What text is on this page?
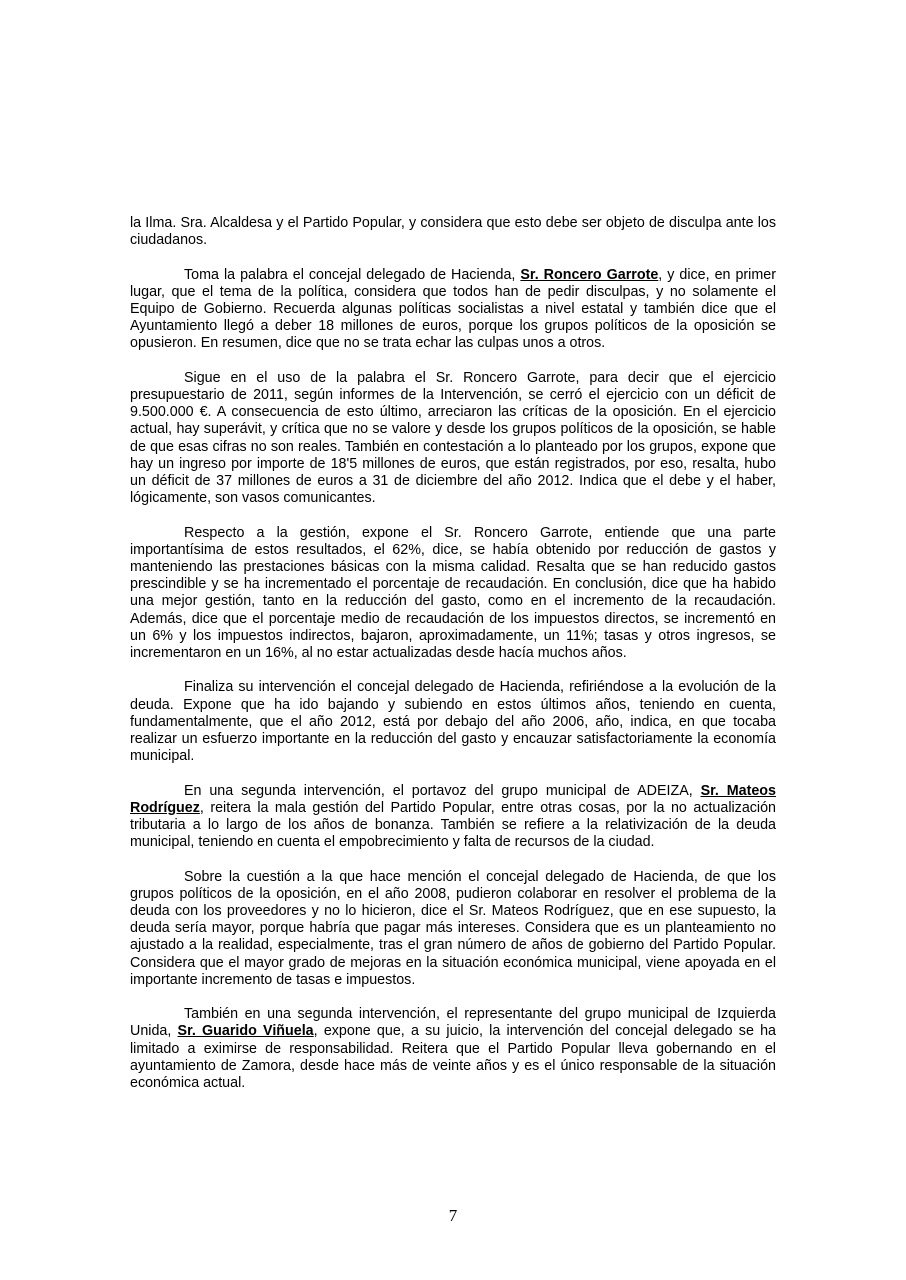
la Ilma. Sra. Alcaldesa y el Partido Popular, y considera que esto debe ser objeto de disculpa ante los ciudadanos.

Toma la palabra el concejal delegado de Hacienda, Sr. Roncero Garrote, y dice, en primer lugar, que el tema de la política, considera que todos han de pedir disculpas, y no solamente el Equipo de Gobierno. Recuerda algunas políticas socialistas a nivel estatal y también dice que el Ayuntamiento llegó a deber 18 millones de euros, porque los grupos políticos de la oposición se opusieron. En resumen, dice que no se trata echar las culpas unos a otros.

Sigue en el uso de la palabra el Sr. Roncero Garrote, para decir que el ejercicio presupuestario de 2011, según informes de la Intervención, se cerró el ejercicio con un déficit de 9.500.000 €. A consecuencia de esto último, arreciaron las críticas de la oposición. En el ejercicio actual, hay superávit, y crítica que no se valore y desde los grupos políticos de la oposición, se hable de que esas cifras no son reales. También en contestación a lo planteado por los grupos, expone que hay un ingreso por importe de 18'5 millones de euros, que están registrados, por eso, resalta, hubo un déficit de 37 millones de euros a 31 de diciembre del año 2012. Indica que el debe y el haber, lógicamente, son vasos comunicantes.

Respecto a la gestión, expone el Sr. Roncero Garrote, entiende que una parte importantísima de estos resultados, el 62%, dice, se había obtenido por reducción de gastos y manteniendo las prestaciones básicas con la misma calidad. Resalta que se han reducido gastos prescindible y se ha incrementado el porcentaje de recaudación. En conclusión, dice que ha habido una mejor gestión, tanto en la reducción del gasto, como en el incremento de la recaudación. Además, dice que el porcentaje medio de recaudación de los impuestos directos, se incrementó en un 6% y los impuestos indirectos, bajaron, aproximadamente, un 11%; tasas y otros ingresos, se incrementaron en un 16%, al no estar actualizadas desde hacía muchos años.

Finaliza su intervención el concejal delegado de Hacienda, refiriéndose a la evolución de la deuda. Expone que ha ido bajando y subiendo en estos últimos años, teniendo en cuenta, fundamentalmente, que el año 2012, está por debajo del año 2006, año, indica, en que tocaba realizar un esfuerzo importante en la reducción del gasto y encauzar satisfactoriamente la economía municipal.

En una segunda intervención, el portavoz del grupo municipal de ADEIZA, Sr. Mateos Rodríguez, reitera la mala gestión del Partido Popular, entre otras cosas, por la no actualización tributaria a lo largo de los años de bonanza. También se refiere a la relativización de la deuda municipal, teniendo en cuenta el empobrecimiento y falta de recursos de la ciudad.

Sobre la cuestión a la que hace mención el concejal delegado de Hacienda, de que los grupos políticos de la oposición, en el año 2008, pudieron colaborar en resolver el problema de la deuda con los proveedores y no lo hicieron, dice el Sr. Mateos Rodríguez, que en ese supuesto, la deuda sería mayor, porque habría que pagar más intereses. Considera que es un planteamiento no ajustado a la realidad, especialmente, tras el gran número de años de gobierno del Partido Popular. Considera que el mayor grado de mejoras en la situación económica municipal, viene apoyada en el importante incremento de tasas e impuestos.

También en una segunda intervención, el representante del grupo municipal de Izquierda Unida, Sr. Guarido Viñuela, expone que, a su juicio, la intervención del concejal delegado se ha limitado a eximirse de responsabilidad. Reitera que el Partido Popular lleva gobernando en el ayuntamiento de Zamora, desde hace más de veinte años y es el único responsable de la situación económica actual.

7
